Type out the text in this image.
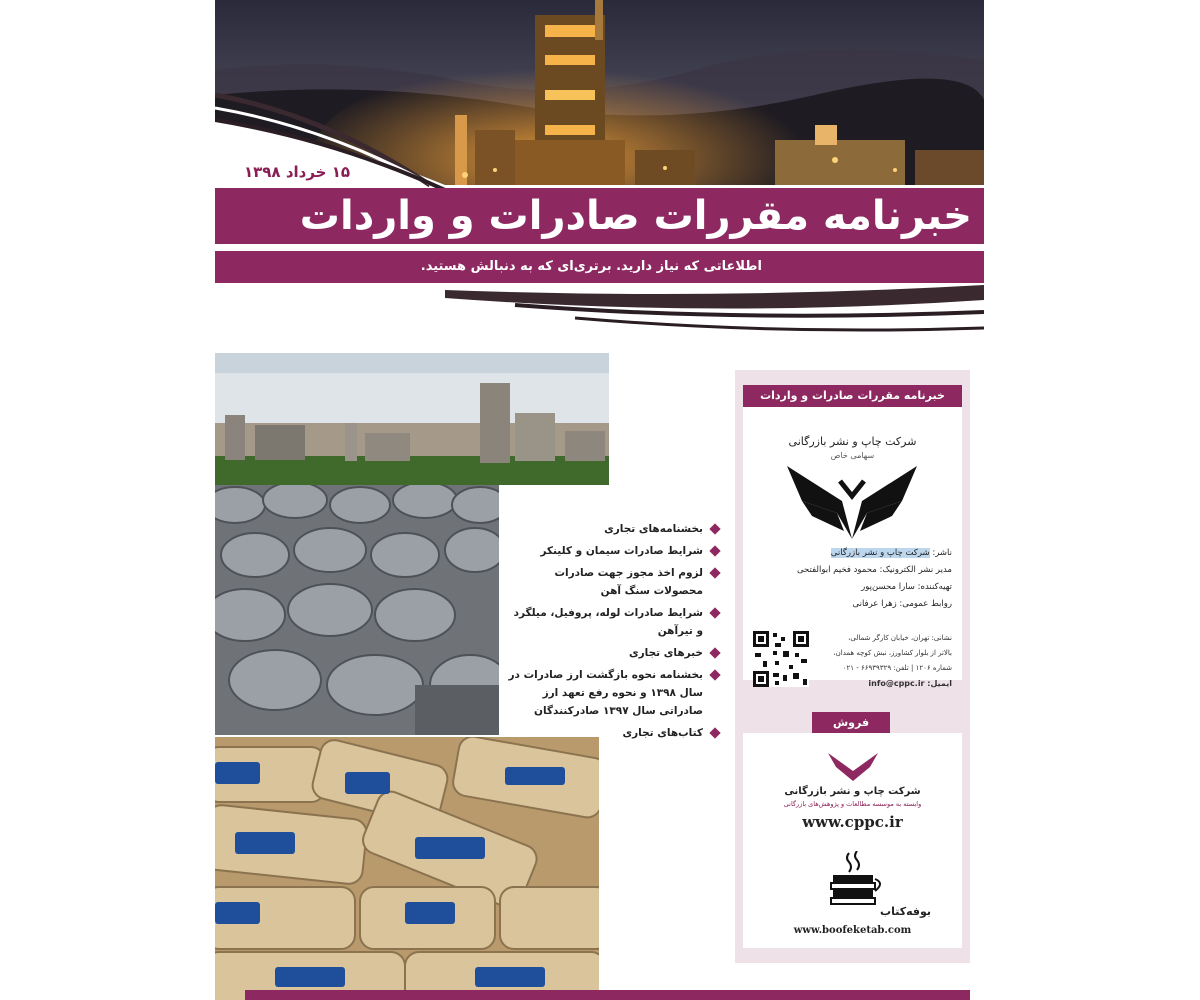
۱۵ خرداد ۱۳۹۸
خبرنامه مقررات صادرات و واردات
اطلاعاتی که نیاز دارید. برتری‌ای که به دنبالش هستید.
بخشنامه‌های تجاری
شرایط صادرات سیمان و کلینکر
لزوم اخذ مجوز جهت صادرات محصولات سنگ آهن
شرایط صادرات لوله، پروفیل، میلگرد و تیرآهن
خبرهای تجاری
بخشنامه نحوه بازگشت ارز صادرات در سال ۱۳۹۸ و نحوه رفع تعهد ارز صادراتی سال ۱۳۹۷ صادرکنندگان
کتاب‌های تجاری
خبرنامه مقررات صادرات و واردات
شرکت چاپ و نشر بازرگانی
سهامی خاص
ناشر: شرکت چاپ و نشر بازرگانی
مدیر نشر الکترونیک: محمود فخیم ابوالفتحی
تهیه‌کننده: سارا محسن‌پور
روابط عمومی: زهرا عرفانی
نشانی: تهران، خیابان کارگر شمالی،
بالاتر از بلوار کشاورز، نبش کوچه همدان،
شماره ۱۲۰۶ | تلفن: ۶۶۹۳۹۳۲۹ - ۰۲۱
ایمیل: info@cppc.ir
فروش
شرکت چاپ و نشر بازرگانی
وابسته به موسسه مطالعات و پژوهش‌های بازرگانی
www.cppc.ir
بوفه‌کتاب
www.boofeketab.com
